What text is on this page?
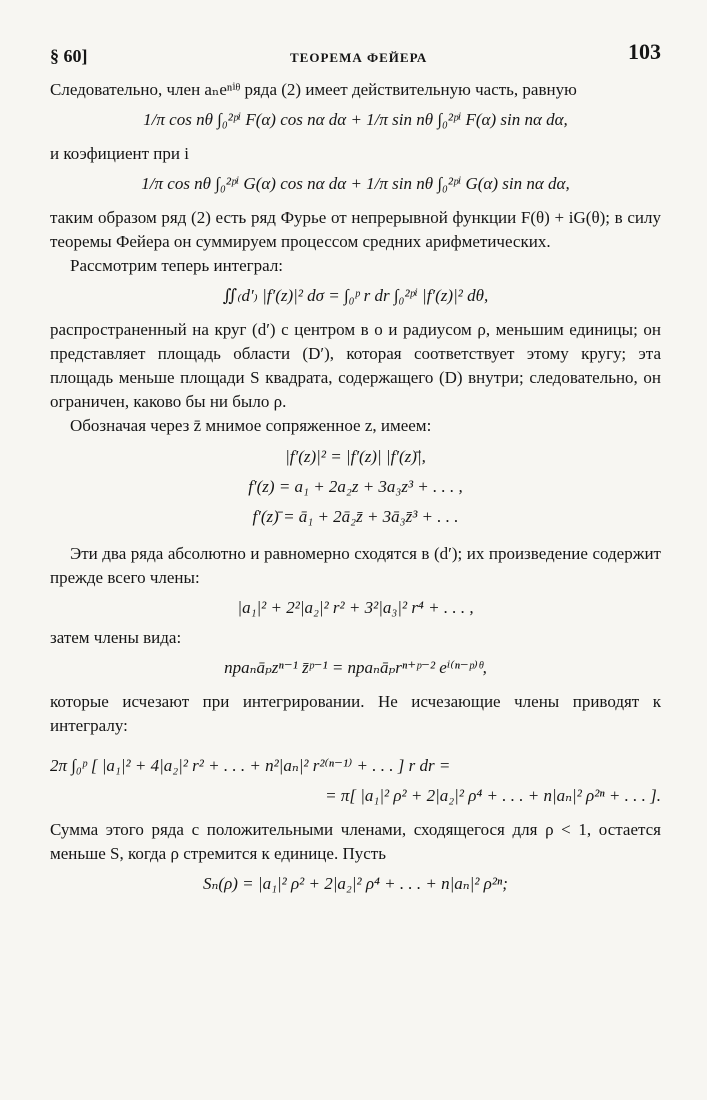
§ 60]	ТЕОРЕМА ФЕЙЕРА	103

Следовательно, член aₙeⁿⁱᶿ ряда (2) имеет действительную часть, равную

1/π cos nθ ∫₀²ᵖⁱ F(α) cos nα dα + 1/π sin nθ ∫₀²ᵖⁱ F(α) sin nα dα,

и коэфициент при i

1/π cos nθ ∫₀²ᵖⁱ G(α) cos nα dα + 1/π sin nθ ∫₀²ᵖⁱ G(α) sin nα dα,

таким образом ряд (2) есть ряд Фурье от непрерывной функции F(θ) + iG(θ); в силу теоремы Фейера он суммируем процессом средних арифметических.

Рассмотрим теперь интеграл:

∬₍d′₎ |f′(z)|² dσ = ∫₀ᵖ r dr ∫₀²ᵖⁱ |f′(z)|² dθ,

распространенный на круг (d′) с центром в o и радиусом ρ, меньшим единицы; он представляет площадь области (D′), которая соответствует этому кругу; эта площадь меньше площади S квадрата, содержащего (D) внутри; следовательно, он ограничен, каково бы ни было ρ.

Обозначая через z̄ мнимое сопряженное z, имеем:

|f′(z)|² = |f′(z)| |f′(z)̄|,
f′(z) = a₁ + 2a₂z + 3a₃z³ + . . . ,
f′(z)̄ = ā₁ + 2ā₂z̄ + 3ā₃z̄³ + . . .

Эти два ряда абсолютно и равномерно сходятся в (d′); их произведение содержит прежде всего члены:

|a₁|² + 2²|a₂|² r² + 3²|a₃|² r⁴ + . . . ,

затем члены вида:

npaₙāₚzⁿ⁻¹ z̄ᵖ⁻¹ = npaₙāₚrⁿ⁺ᵖ⁻² eⁱ⁽ⁿ⁻ᵖ⁾ᶿ,

которые исчезают при интегрировании. Не исчезающие члены приводят к интегралу:

2π ∫₀ᵖ [ |a₁|² + 4|a₂|² r² + . . . + n²|aₙ|² r²⁽ⁿ⁻¹⁾ + . . . ] r dr =
= π[ |a₁|² ρ² + 2|a₂|² ρ⁴ + . . . + n|aₙ|² ρ²ⁿ + . . . ].

Сумма этого ряда с положительными членами, сходящегося для ρ < 1, остается меньше S, когда ρ стремится к единице. Пусть

Sₙ(ρ) = |a₁|² ρ² + 2|a₂|² ρ⁴ + . . . + n|aₙ|² ρ²ⁿ;
